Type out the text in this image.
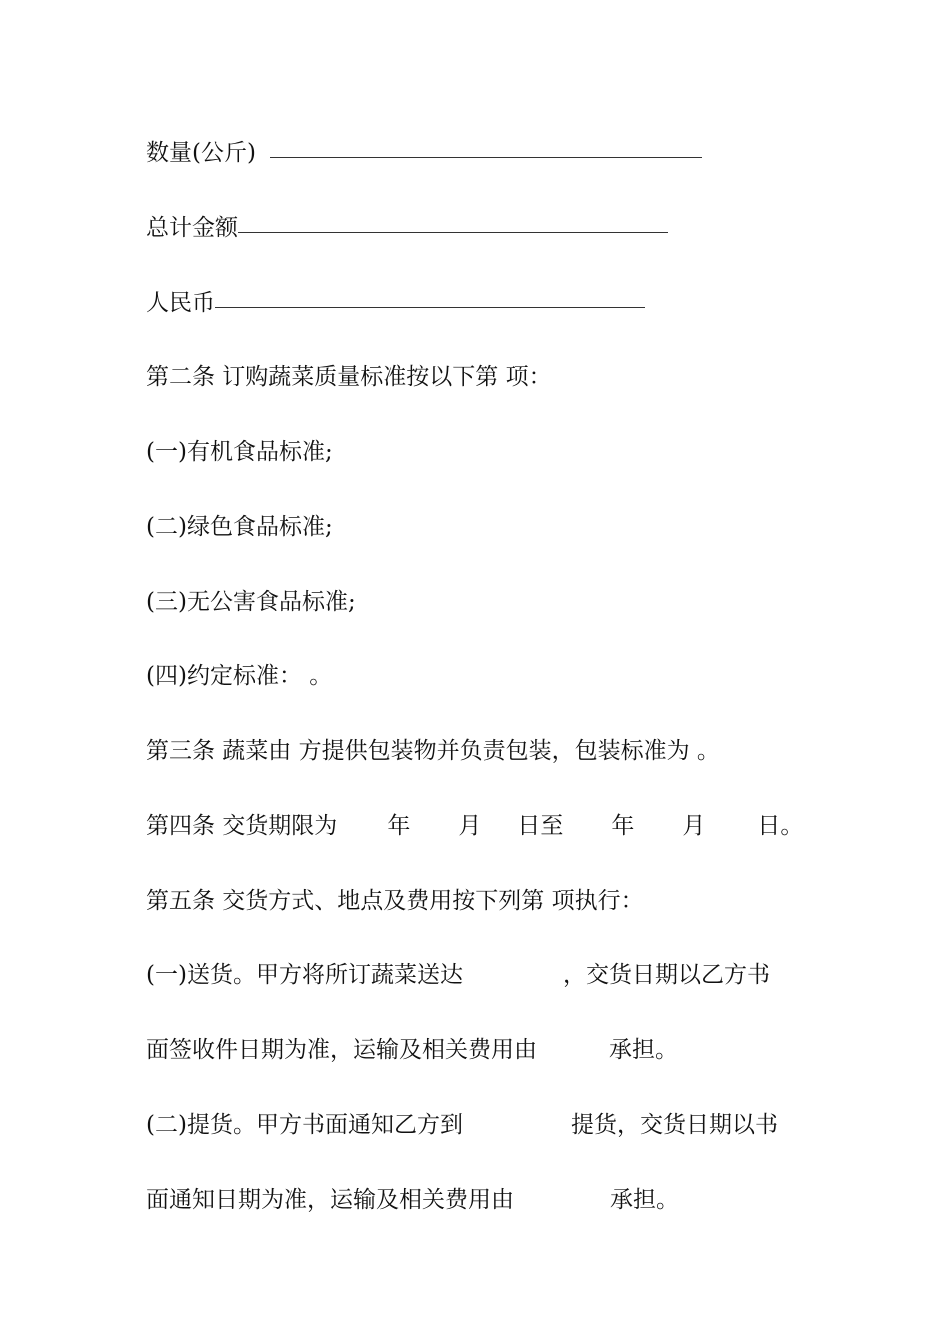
数量(公斤)
总计金额
人民币
第二条 订购蔬菜质量标准按以下第 项：
(一)有机食品标准;
(二)绿色食品标准;
(三)无公害食品标准;
(四)约定标准： 。
第三条 蔬菜由 方提供包装物并负责包装，包装标准为 。
第四条 交货期限为 年 月 日至 年 月 日。
第五条 交货方式、地点及费用按下列第 项执行：
(一)送货。甲方将所订蔬菜送达	，交货日期以乙方书
面签收件日期为准，运输及相关费用由	承担。
(二)提货。甲方书面通知乙方到	提货，交货日期以书
面通知日期为准，运输及相关费用由	承担。
